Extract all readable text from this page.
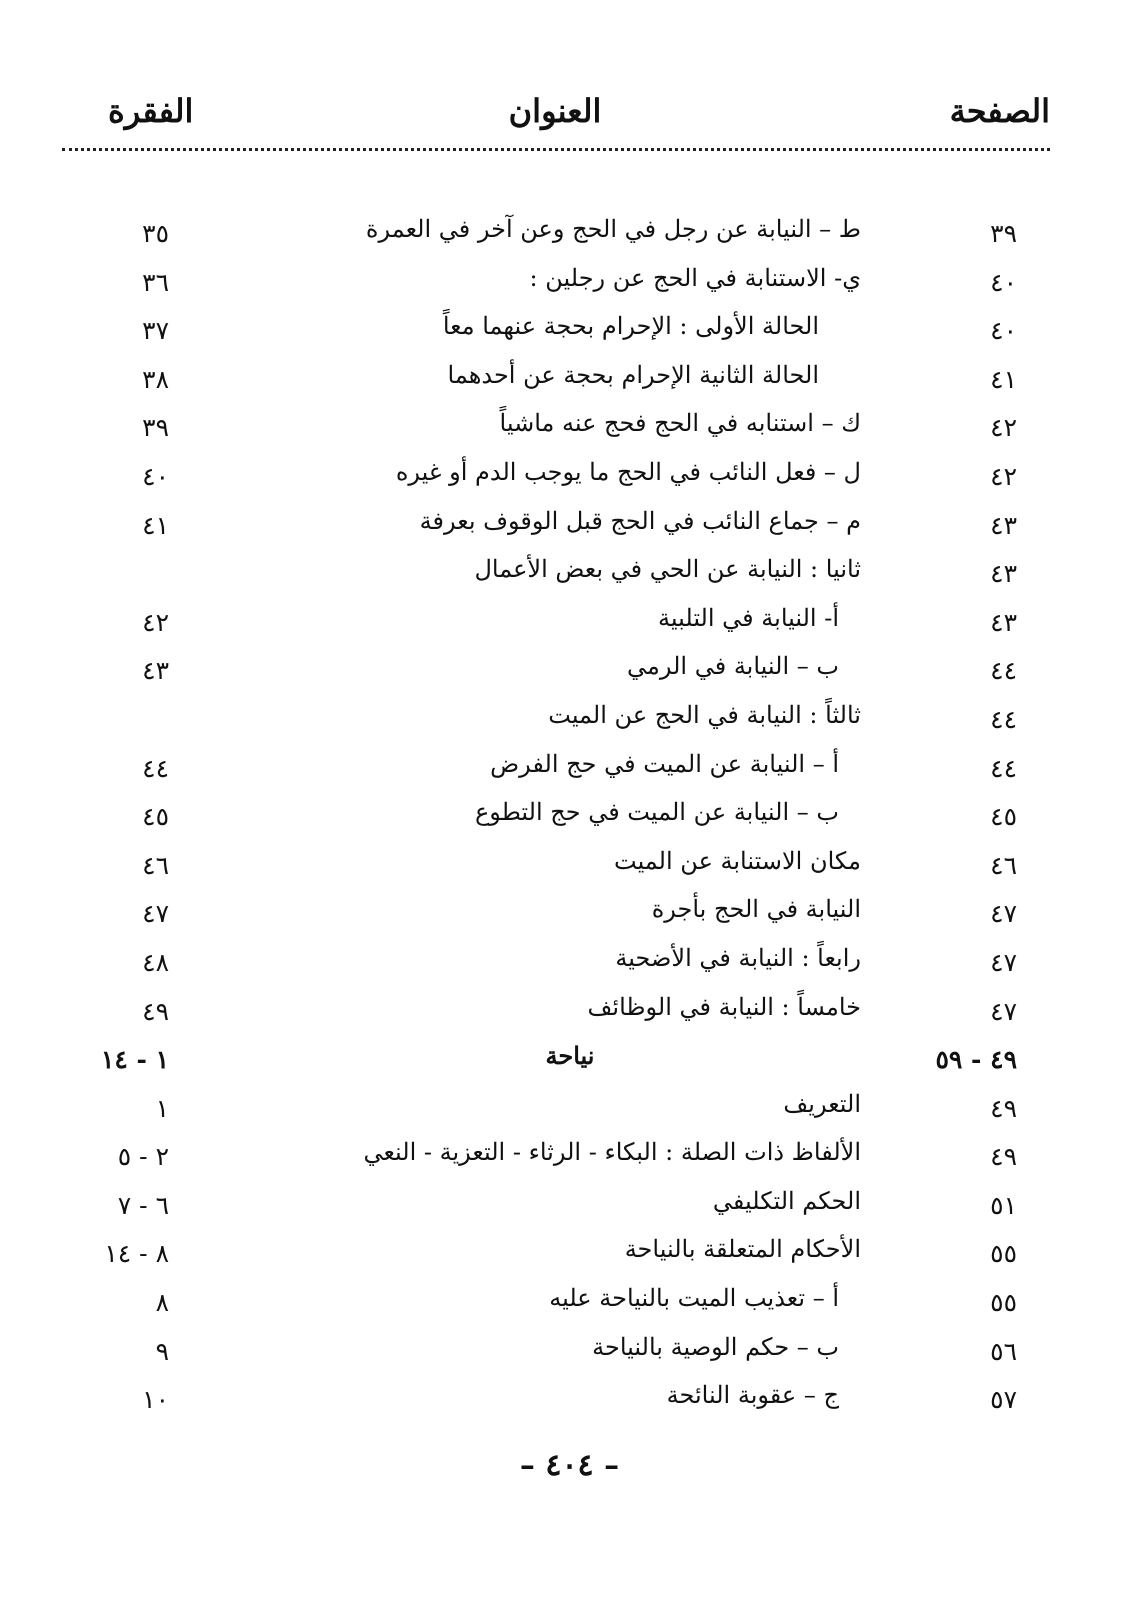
الصفحة
العنوان
الفقرة
٣٩
ط – النيابة عن رجل في الحج وعن آخر في العمرة
٣٥
٤٠
ي- الاستنابة في الحج عن رجلين :
٣٦
٤٠
الحالة الأولى : الإحرام بحجة عنهما معاً
٣٧
٤١
الحالة الثانية الإحرام بحجة عن أحدهما
٣٨
٤٢
ك – استنابه في الحج فحج عنه ماشياً
٣٩
٤٢
ل – فعل النائب في الحج ما يوجب الدم أو غيره
٤٠
٤٣
م – جماع النائب في الحج قبل الوقوف بعرفة
٤١
٤٣
ثانيا : النيابة عن الحي في بعض الأعمال
٤٣
أ- النيابة في التلبية
٤٢
٤٤
ب – النيابة في الرمي
٤٣
٤٤
ثالثاً : النيابة في الحج عن الميت
٤٤
أ – النيابة عن الميت في حج الفرض
٤٤
٤٥
ب – النيابة عن الميت في حج التطوع
٤٥
٤٦
مكان الاستنابة عن الميت
٤٦
٤٧
النيابة في الحج بأجرة
٤٧
٤٧
رابعاً : النيابة في الأضحية
٤٨
٤٧
خامساً : النيابة في الوظائف
٤٩
٤٩ - ٥٩
نياحة
١ - ١٤
٤٩
التعريف
١
٤٩
الألفاظ ذات الصلة : البكاء - الرثاء - التعزية - النعي
٢ - ٥
٥١
الحكم التكليفي
٦ - ٧
٥٥
الأحكام المتعلقة بالنياحة
٨ - ١٤
٥٥
أ – تعذيب الميت بالنياحة عليه
٨
٥٦
ب – حكم الوصية بالنياحة
٩
٥٧
ج – عقوبة النائحة
١٠
– ٤٠٤ –
